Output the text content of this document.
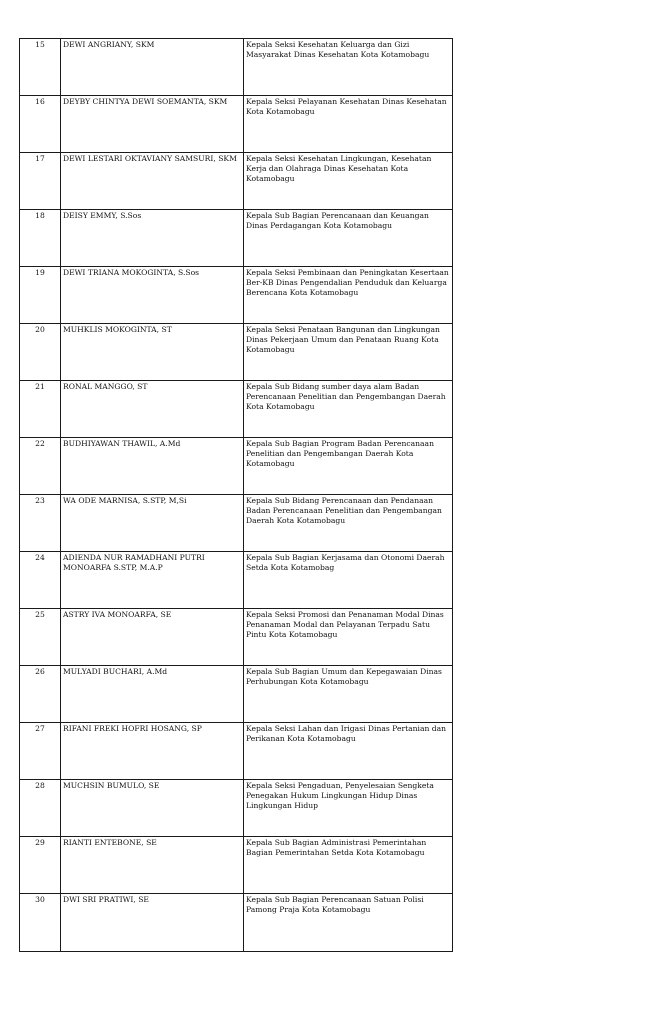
15	DEWI ANGRIANY, SKM	Kepala Seksi Kesehatan Keluarga dan Gizi Masyarakat Dinas Kesehatan Kota Kotamobagu
16	DEYBY CHINTYA DEWI SOEMANTA, SKM	Kepala Seksi Pelayanan Kesehatan Dinas Kesehatan Kota Kotamobagu
17	DEWI LESTARI OKTAVIANY SAMSURI, SKM	Kepala Seksi Kesehatan Lingkungan, Kesehatan Kerja dan Olahraga Dinas Kesehatan Kota Kotamobagu
18	DEISY EMMY, S.Sos	Kepala Sub Bagian Perencanaan dan Keuangan Dinas Perdagangan Kota Kotamobagu
19	DEWI TRIANA MOKOGINTA, S.Sos	Kepala Seksi Pembinaan dan Peningkatan Kesertaan Ber-KB Dinas Pengendalian Penduduk dan Keluarga Berencana Kota Kotamobagu
20	MUHKLIS MOKOGINTA, ST	Kepala Seksi Penataan Bangunan dan Lingkungan Dinas Pekerjaan Umum dan Penataan Ruang Kota Kotamobagu
21	RONAL MANGGO, ST	Kepala Sub Bidang sumber daya alam Badan Perencanaan Penelitian dan Pengembangan Daerah Kota Kotamobagu
22	BUDHIYAWAN THAWIL, A.Md	Kepala Sub Bagian Program Badan Perencanaan Penelitian dan Pengembangan Daerah Kota Kotamobagu
23	WA ODE MARNISA, S.STP, M,Si	Kepala Sub Bidang Perencanaan dan Pendanaan Badan Perencanaan Penelitian dan Pengembangan Daerah Kota Kotamobagu
24	ADIENDA NUR RAMADHANI PUTRI MONOARFA S.STP, M.A.P	Kepala Sub Bagian Kerjasama dan Otonomi Daerah Setda Kota Kotamobag
25	ASTRY IVA MONOARFA, SE	Kepala Seksi Promosi dan Penanaman Modal Dinas Penanaman Modal dan Pelayanan Terpadu Satu Pintu Kota Kotamobagu
26	MULYADI BUCHARI, A.Md	Kepala Sub Bagian Umum dan Kepegawaian Dinas Perhubungan Kota Kotamobagu
27	RIFANI FREKI HOFRI HOSANG, SP	Kepala Seksi Lahan dan Irigasi Dinas Pertanian dan Perikanan Kota Kotamobagu
28	MUCHSIN BUMULO, SE	Kepala Seksi Pengaduan, Penyelesaian Sengketa Penegakan Hukum Lingkungan Hidup Dinas Lingkungan Hidup
29	RIANTI ENTEBONE, SE	Kepala Sub Bagian Administrasi Pemerintahan Bagian Pemerintahan Setda Kota Kotamobagu
30	DWI SRI PRATIWI, SE	Kepala Sub Bagian Perencanaan Satuan Polisi Pamong Praja Kota Kotamobagu
